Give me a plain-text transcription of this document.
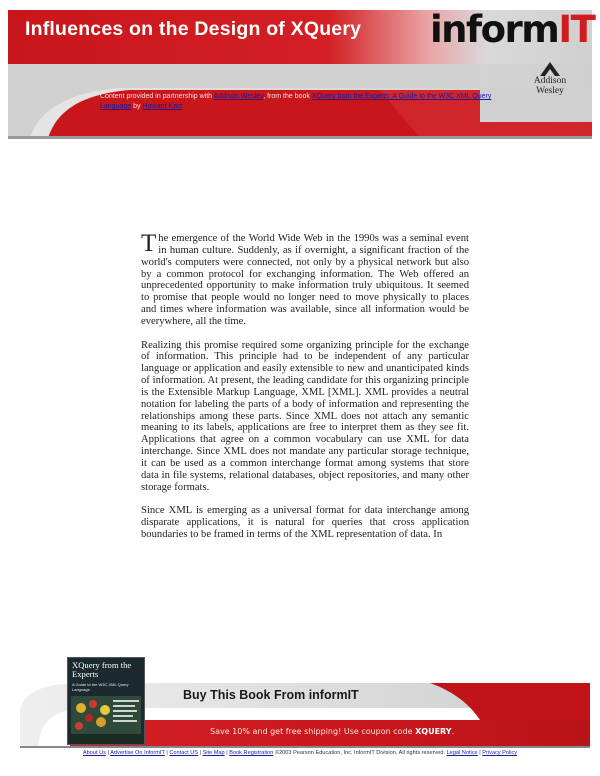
Influences on the Design of XQuery informIT
Addison
Wesley
Content provided in partnership with Addison Wesley, from the book XQuery from the Experts: A Guide to the W3C XML Query Language by Howard Katz

The emergence of the World Wide Web in the 1990s was a seminal event in human culture. Suddenly, as if overnight, a significant fraction of the world's computers were connected, not only by a physical network but also by a common protocol for exchanging information. The Web offered an unprecedented opportunity to make information truly ubiquitous. It seemed to promise that people would no longer need to move physically to places and times where information was available, since all information would be everywhere, all the time.

Realizing this promise required some organizing principle for the exchange of information. This principle had to be independent of any particular language or application and easily extensible to new and unanticipated kinds of information. At present, the leading candidate for this organizing principle is the Extensible Markup Language, XML [XML]. XML provides a neutral notation for labeling the parts of a body of information and representing the relationships among these parts. Since XML does not attach any semantic meaning to its labels, applications are free to interpret them as they see fit. Applications that agree on a common vocabulary can use XML for data interchange. Since XML does not mandate any particular storage technique, it can be used as a common interchange format among systems that store data in file systems, relational databases, object repositories, and many other storage formats.

Since XML is emerging as a universal format for data interchange among disparate applications, it is natural for queries that cross application boundaries to be framed in terms of the XML representation of data. In

XQuery from the Experts
A Guide to the W3C XML Query Language	Buy This Book From informIT
Save 10% and get free shipping! Use coupon code XQUERY.
About Us | Advertise On InformIT | Contact US | Site Map | Book Registration ©2003 Pearson Education, Inc. InformIT Division. All rights reserved. Legal Notice | Privacy Policy
